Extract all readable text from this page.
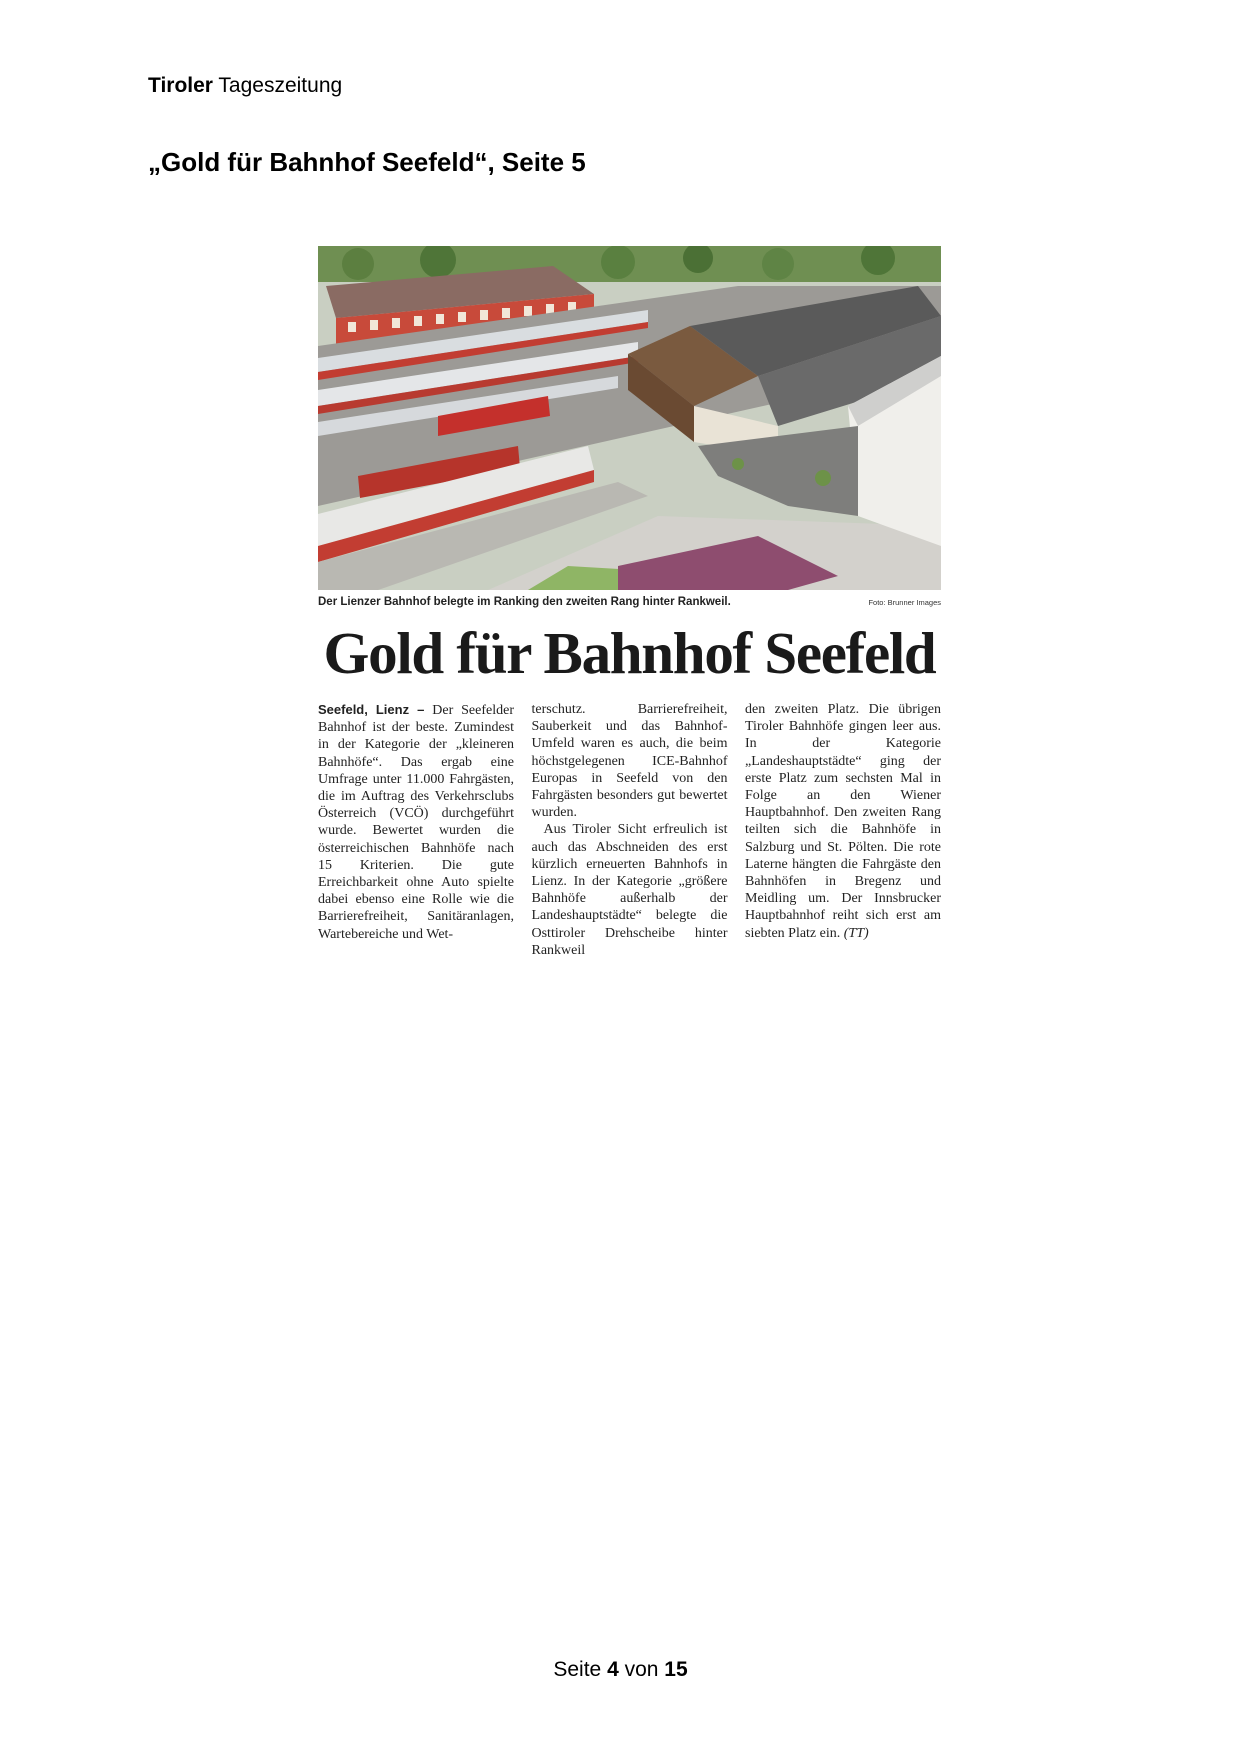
Tiroler Tageszeitung
„Gold für Bahnhof Seefeld“, Seite 5
Der Lienzer Bahnhof belegte im Ranking den zweiten Rang hinter Rankweil.	Foto: Brunner Images
Gold für Bahnhof Seefeld
Seefeld, Lienz – Der Seefelder Bahnhof ist der beste. Zumindest in der Kategorie der „kleineren Bahnhöfe“. Das ergab eine Umfrage unter 11.000 Fahrgästen, die im Auftrag des Verkehrsclubs Österreich (VCÖ) durchgeführt wurde. Bewertet wurden die österreichischen Bahnhöfe nach 15 Kriterien. Die gute Erreichbarkeit ohne Auto spielte dabei ebenso eine Rolle wie die Barrierefreiheit, Sanitäranlagen, Wartebereiche und Wet-
terschutz. Barrierefreiheit, Sauberkeit und das Bahnhof-Umfeld waren es auch, die beim höchstgelegenen ICE-Bahnhof Europas in Seefeld von den Fahrgästen besonders gut bewertet wurden.
Aus Tiroler Sicht erfreulich ist auch das Abschneiden des erst kürzlich erneuerten Bahnhofs in Lienz. In der Kategorie „größere Bahnhöfe außerhalb der Landeshauptstädte“ belegte die Osttiroler Drehscheibe hinter Rankweil
den zweiten Platz. Die übrigen Tiroler Bahnhöfe gingen leer aus. In der Kategorie „Landeshauptstädte“ ging der erste Platz zum sechsten Mal in Folge an den Wiener Hauptbahnhof. Den zweiten Rang teilten sich die Bahnhöfe in Salzburg und St. Pölten. Die rote Laterne hängten die Fahrgäste den Bahnhöfen in Bregenz und Meidling um. Der Innsbrucker Hauptbahnhof reiht sich erst am siebten Platz ein. (TT)
Seite 4 von 15
